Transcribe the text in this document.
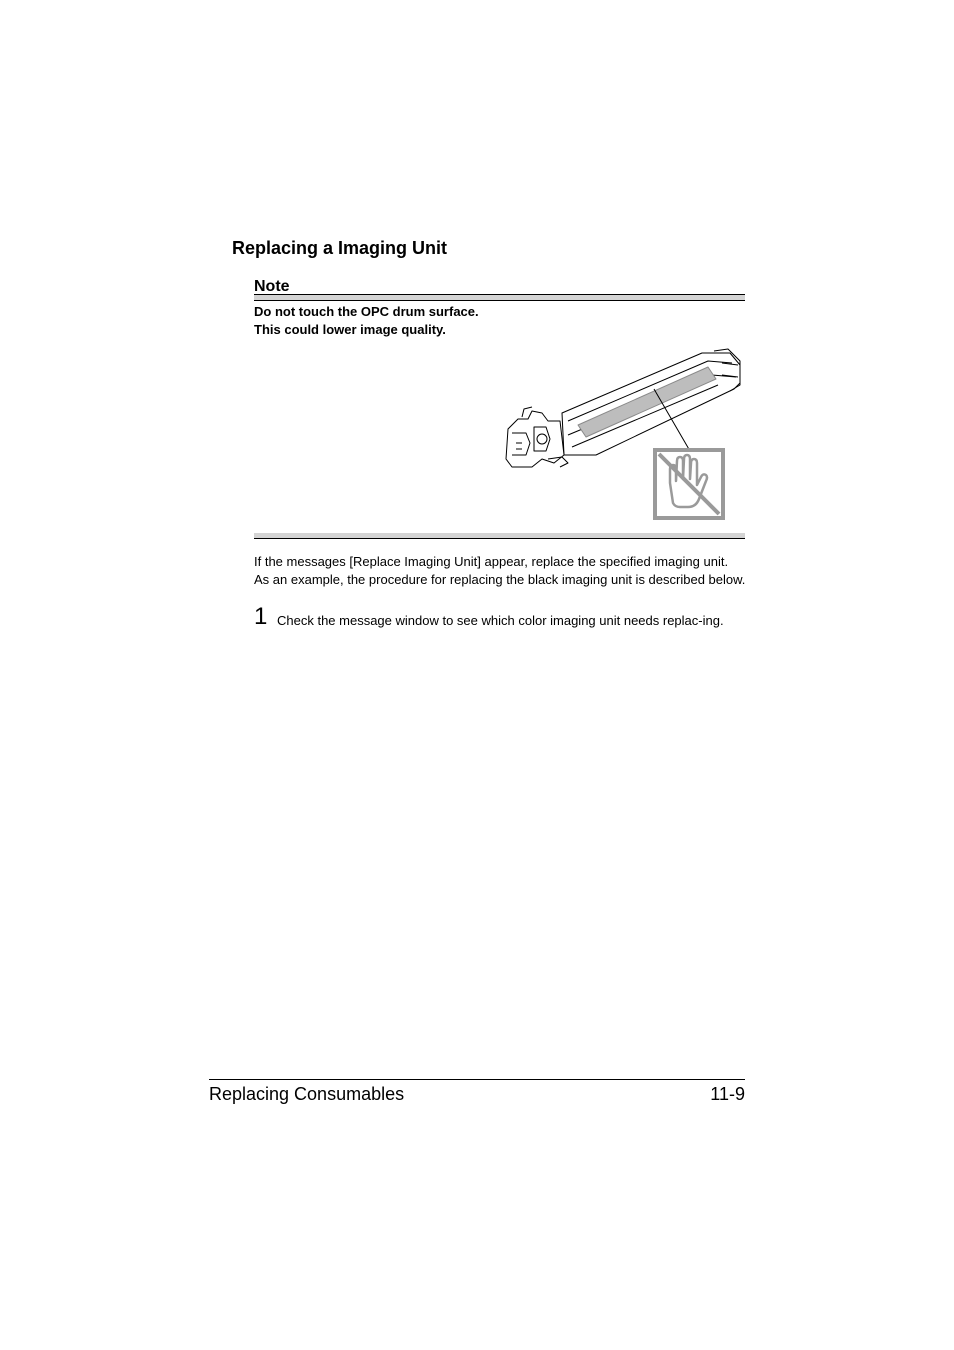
Replacing a Imaging Unit
Note
Do not touch the OPC drum surface. This could lower image quality.

If the messages [Replace Imaging Unit] appear, replace the specified imaging unit. As an example, the procedure for replacing the black imaging unit is described below.

1 Check the message window to see which color imaging unit needs replac-ing.
Replacing Consumables	11-9
